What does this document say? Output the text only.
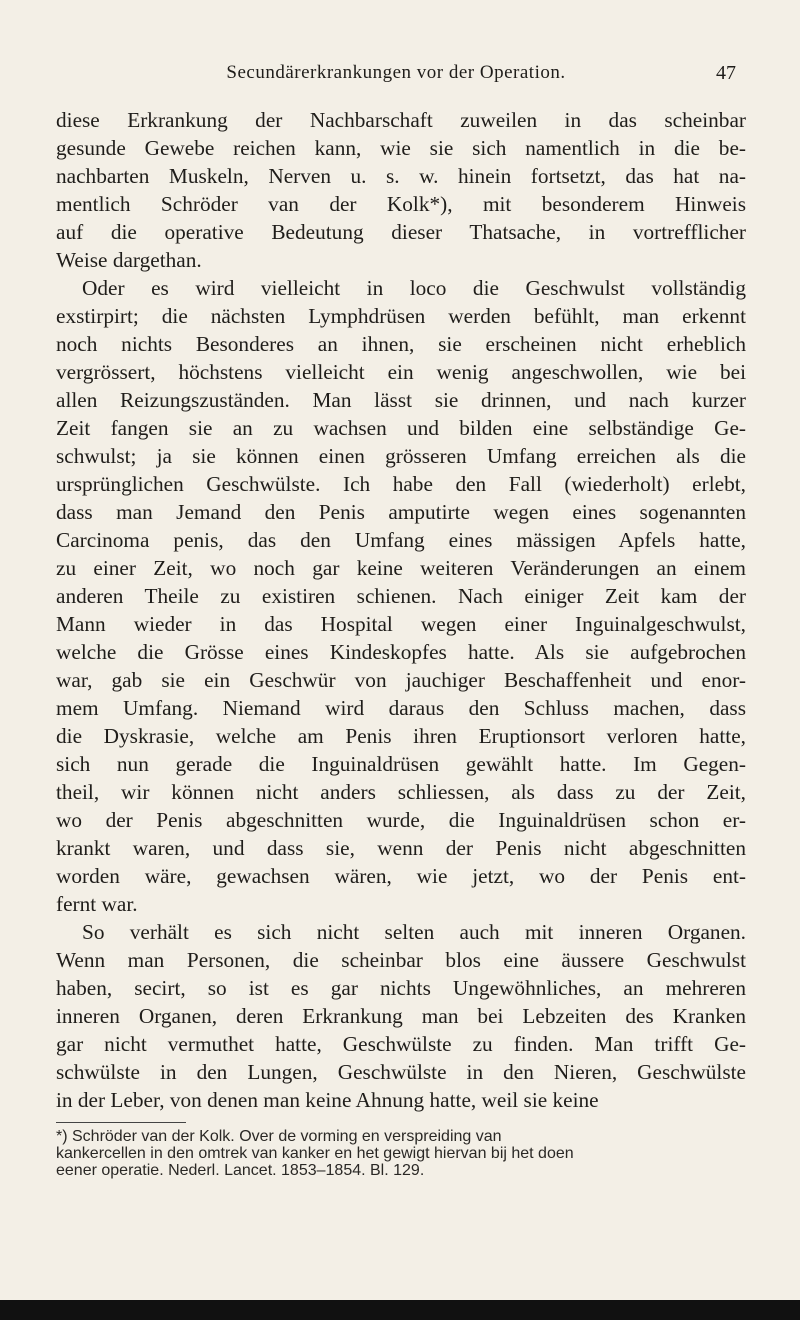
Secundärerkrankungen vor der Operation.	47
diese Erkrankung der Nachbarschaft zuweilen in das scheinbar
gesunde Gewebe reichen kann, wie sie sich namentlich in die be-
nachbarten Muskeln, Nerven u. s. w. hinein fortsetzt, das hat na-
mentlich Schröder van der Kolk*), mit besonderem Hinweis
auf die operative Bedeutung dieser Thatsache, in vortrefflicher
Weise dargethan.
Oder es wird vielleicht in loco die Geschwulst vollständig
exstirpirt; die nächsten Lymphdrüsen werden befühlt, man erkennt
noch nichts Besonderes an ihnen, sie erscheinen nicht erheblich
vergrössert, höchstens vielleicht ein wenig angeschwollen, wie bei
allen Reizungszuständen. Man lässt sie drinnen, und nach kurzer
Zeit fangen sie an zu wachsen und bilden eine selbständige Ge-
schwulst; ja sie können einen grösseren Umfang erreichen als die
ursprünglichen Geschwülste. Ich habe den Fall (wiederholt) erlebt,
dass man Jemand den Penis amputirte wegen eines sogenannten
Carcinoma penis, das den Umfang eines mässigen Apfels hatte,
zu einer Zeit, wo noch gar keine weiteren Veränderungen an einem
anderen Theile zu existiren schienen. Nach einiger Zeit kam der
Mann wieder in das Hospital wegen einer Inguinalgeschwulst,
welche die Grösse eines Kindeskopfes hatte. Als sie aufgebrochen
war, gab sie ein Geschwür von jauchiger Beschaffenheit und enor-
mem Umfang. Niemand wird daraus den Schluss machen, dass
die Dyskrasie, welche am Penis ihren Eruptionsort verloren hatte,
sich nun gerade die Inguinaldrüsen gewählt hatte. Im Gegen-
theil, wir können nicht anders schliessen, als dass zu der Zeit,
wo der Penis abgeschnitten wurde, die Inguinaldrüsen schon er-
krankt waren, und dass sie, wenn der Penis nicht abgeschnitten
worden wäre, gewachsen wären, wie jetzt, wo der Penis ent-
fernt war.
So verhält es sich nicht selten auch mit inneren Organen.
Wenn man Personen, die scheinbar blos eine äussere Geschwulst
haben, secirt, so ist es gar nichts Ungewöhnliches, an mehreren
inneren Organen, deren Erkrankung man bei Lebzeiten des Kranken
gar nicht vermuthet hatte, Geschwülste zu finden. Man trifft Ge-
schwülste in den Lungen, Geschwülste in den Nieren, Geschwülste
in der Leber, von denen man keine Ahnung hatte, weil sie keine
*) Schröder van der Kolk. Over de vorming en verspreiding van
kankercellen in den omtrek van kanker en het gewigt hiervan bij het doen
eener operatie. Nederl. Lancet. 1853–1854. Bl. 129.
